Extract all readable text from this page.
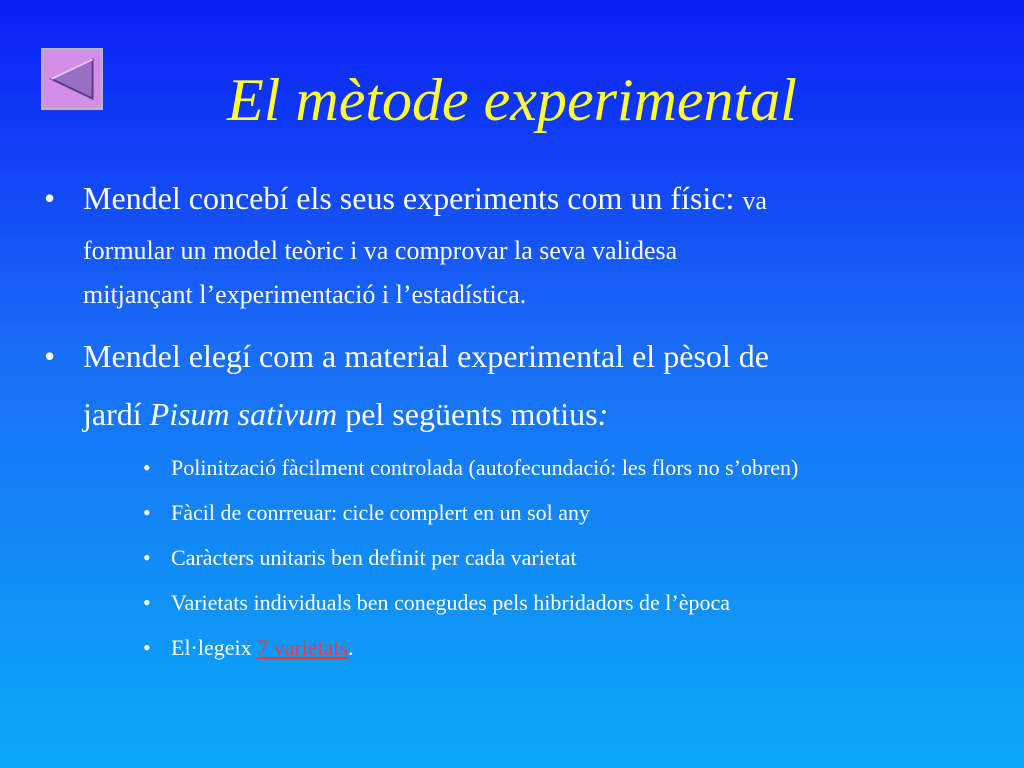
El mètode experimental
• Mendel concebí els seus experiments com un físic: va
formular un model teòric i va comprovar la seva validesa
mitjançant l’experimentació i l’estadística.
• Mendel elegí com a material experimental el pèsol de
jardí Pisum sativum pel següents motius:
• Polinització fàcilment controlada (autofecundació: les flors no s’obren)
• Fàcil de conrreuar: cicle complert en un sol any
• Caràcters unitaris ben definit per cada varietat
• Varietats individuals ben conegudes pels hibridadors de l’època
• El·legeix 7 varietats.
